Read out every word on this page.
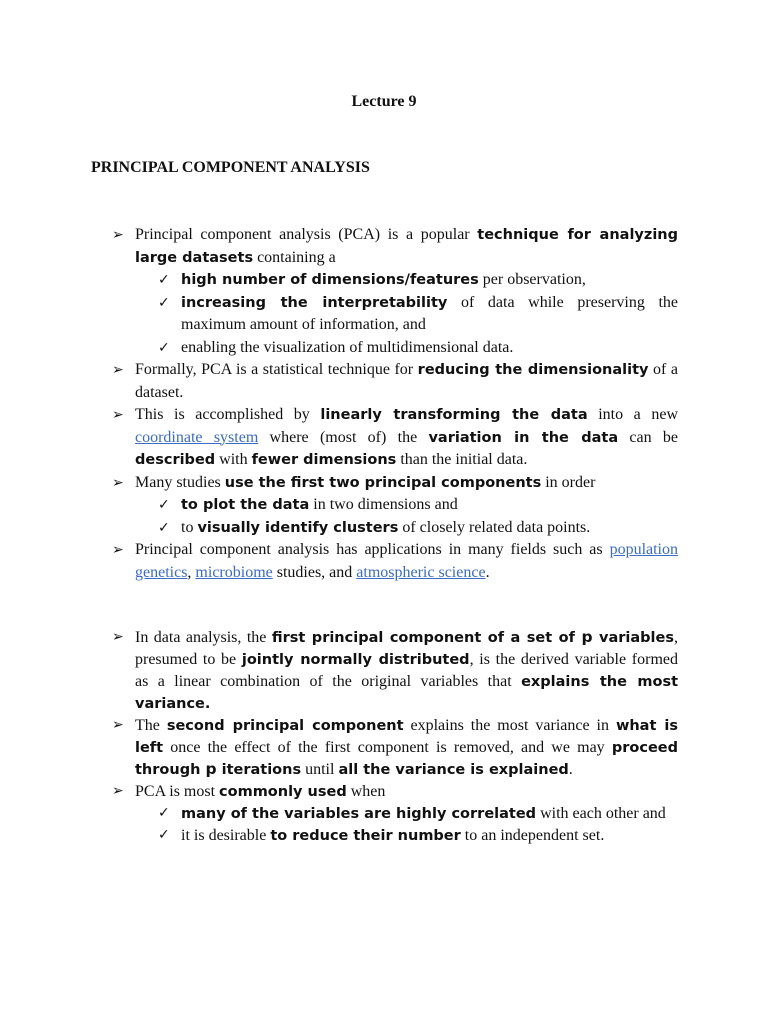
Lecture 9
PRINCIPAL COMPONENT ANALYSIS
➢ Principal component analysis (PCA) is a popular technique for analyzing large datasets containing a
✓ high number of dimensions/features per observation,
✓ increasing the interpretability of data while preserving the maximum amount of information, and
✓ enabling the visualization of multidimensional data.
➢ Formally, PCA is a statistical technique for reducing the dimensionality of a dataset.
➢ This is accomplished by linearly transforming the data into a new coordinate system where (most of) the variation in the data can be described with fewer dimensions than the initial data.
➢ Many studies use the first two principal components in order
✓ to plot the data in two dimensions and
✓ to visually identify clusters of closely related data points.
➢ Principal component analysis has applications in many fields such as population genetics, microbiome studies, and atmospheric science.
➢ In data analysis, the first principal component of a set of p variables, presumed to be jointly normally distributed, is the derived variable formed as a linear combination of the original variables that explains the most variance.
➢ The second principal component explains the most variance in what is left once the effect of the first component is removed, and we may proceed through p iterations until all the variance is explained.
➢ PCA is most commonly used when
✓ many of the variables are highly correlated with each other and
✓ it is desirable to reduce their number to an independent set.
